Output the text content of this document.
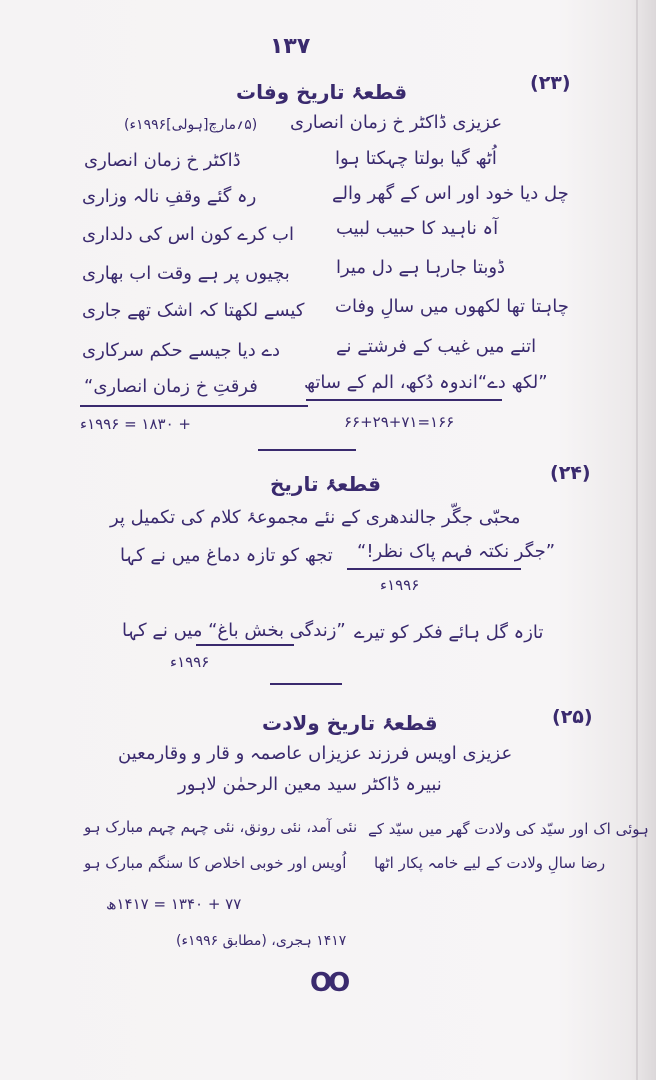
۱۳۷
(۲۳)
قطعۂ تاریخ وفات
عزیزی ڈاکٹر خ زمان انصاری
(۵؍مارچ[ہولی]۱۹۹۶ء)
اُٹھ گیا بولتا چہکتا ہوا
چل دیا خود اور اس کے گھر والے
آہ ناہید کا حبیب لبیب
ڈوبتا جارہا ہے دل میرا
چاہتا تھا لکھوں میں سالِ وفات
اتنے میں غیب کے فرشتے نے
”لکھ دے“اندوہ دُکھ، الم کے ساتھ
ڈاکٹر خ زمان انصاری
رہ گئے وقفِ نالہ وزاری
اب کرے کون اس کی دلداری
بچیوں پر ہے وقت اب بھاری
کیسے لکھتا کہ اشک تھے جاری
دے دیا جیسے حکم سرکاری
فرقتِ خ زمان انصاری“
۶۶+۲۹+۷۱=۱۶۶
+ ۱۸۳۰ = ۱۹۹۶ء
(۲۴)
قطعۂ تاریخ
محبّی جگّر جالندھری کے نئے مجموعۂ کلام کی تکمیل پر
”جگر نکتہ فہم پاک نظر!“
تجھ کو تازہ دماغ میں نے کہا
۱۹۹۶ء
تازہ گل ہائے فکر کو تیرے
”زندگی بخش باغ“ میں نے کہا
۱۹۹۶ء
(۲۵)
قطعۂ تاریخ ولادت
عزیزی اویس فرزند عزیزاں عاصمہ و قار و وقارمعین
نبیرہ ڈاکٹر سید معین الرحمٰن لاہور
ہوئی اک اور سیّد کی ولادت گھر میں سیّد کے
رضا سالِ ولادت کے لیے خامہ پکار اٹھا
نئی آمد، نئی رونق، نئی چہم چہم مبارک ہو
اُویس اور خوبی اخلاص کا سنگم مبارک ہو
۷۷ + ۱۳۴۰ = ۱۴۱۷ھ
۱۴۱۷ ہجری، (مطابق ۱۹۹۶ء)
OO
